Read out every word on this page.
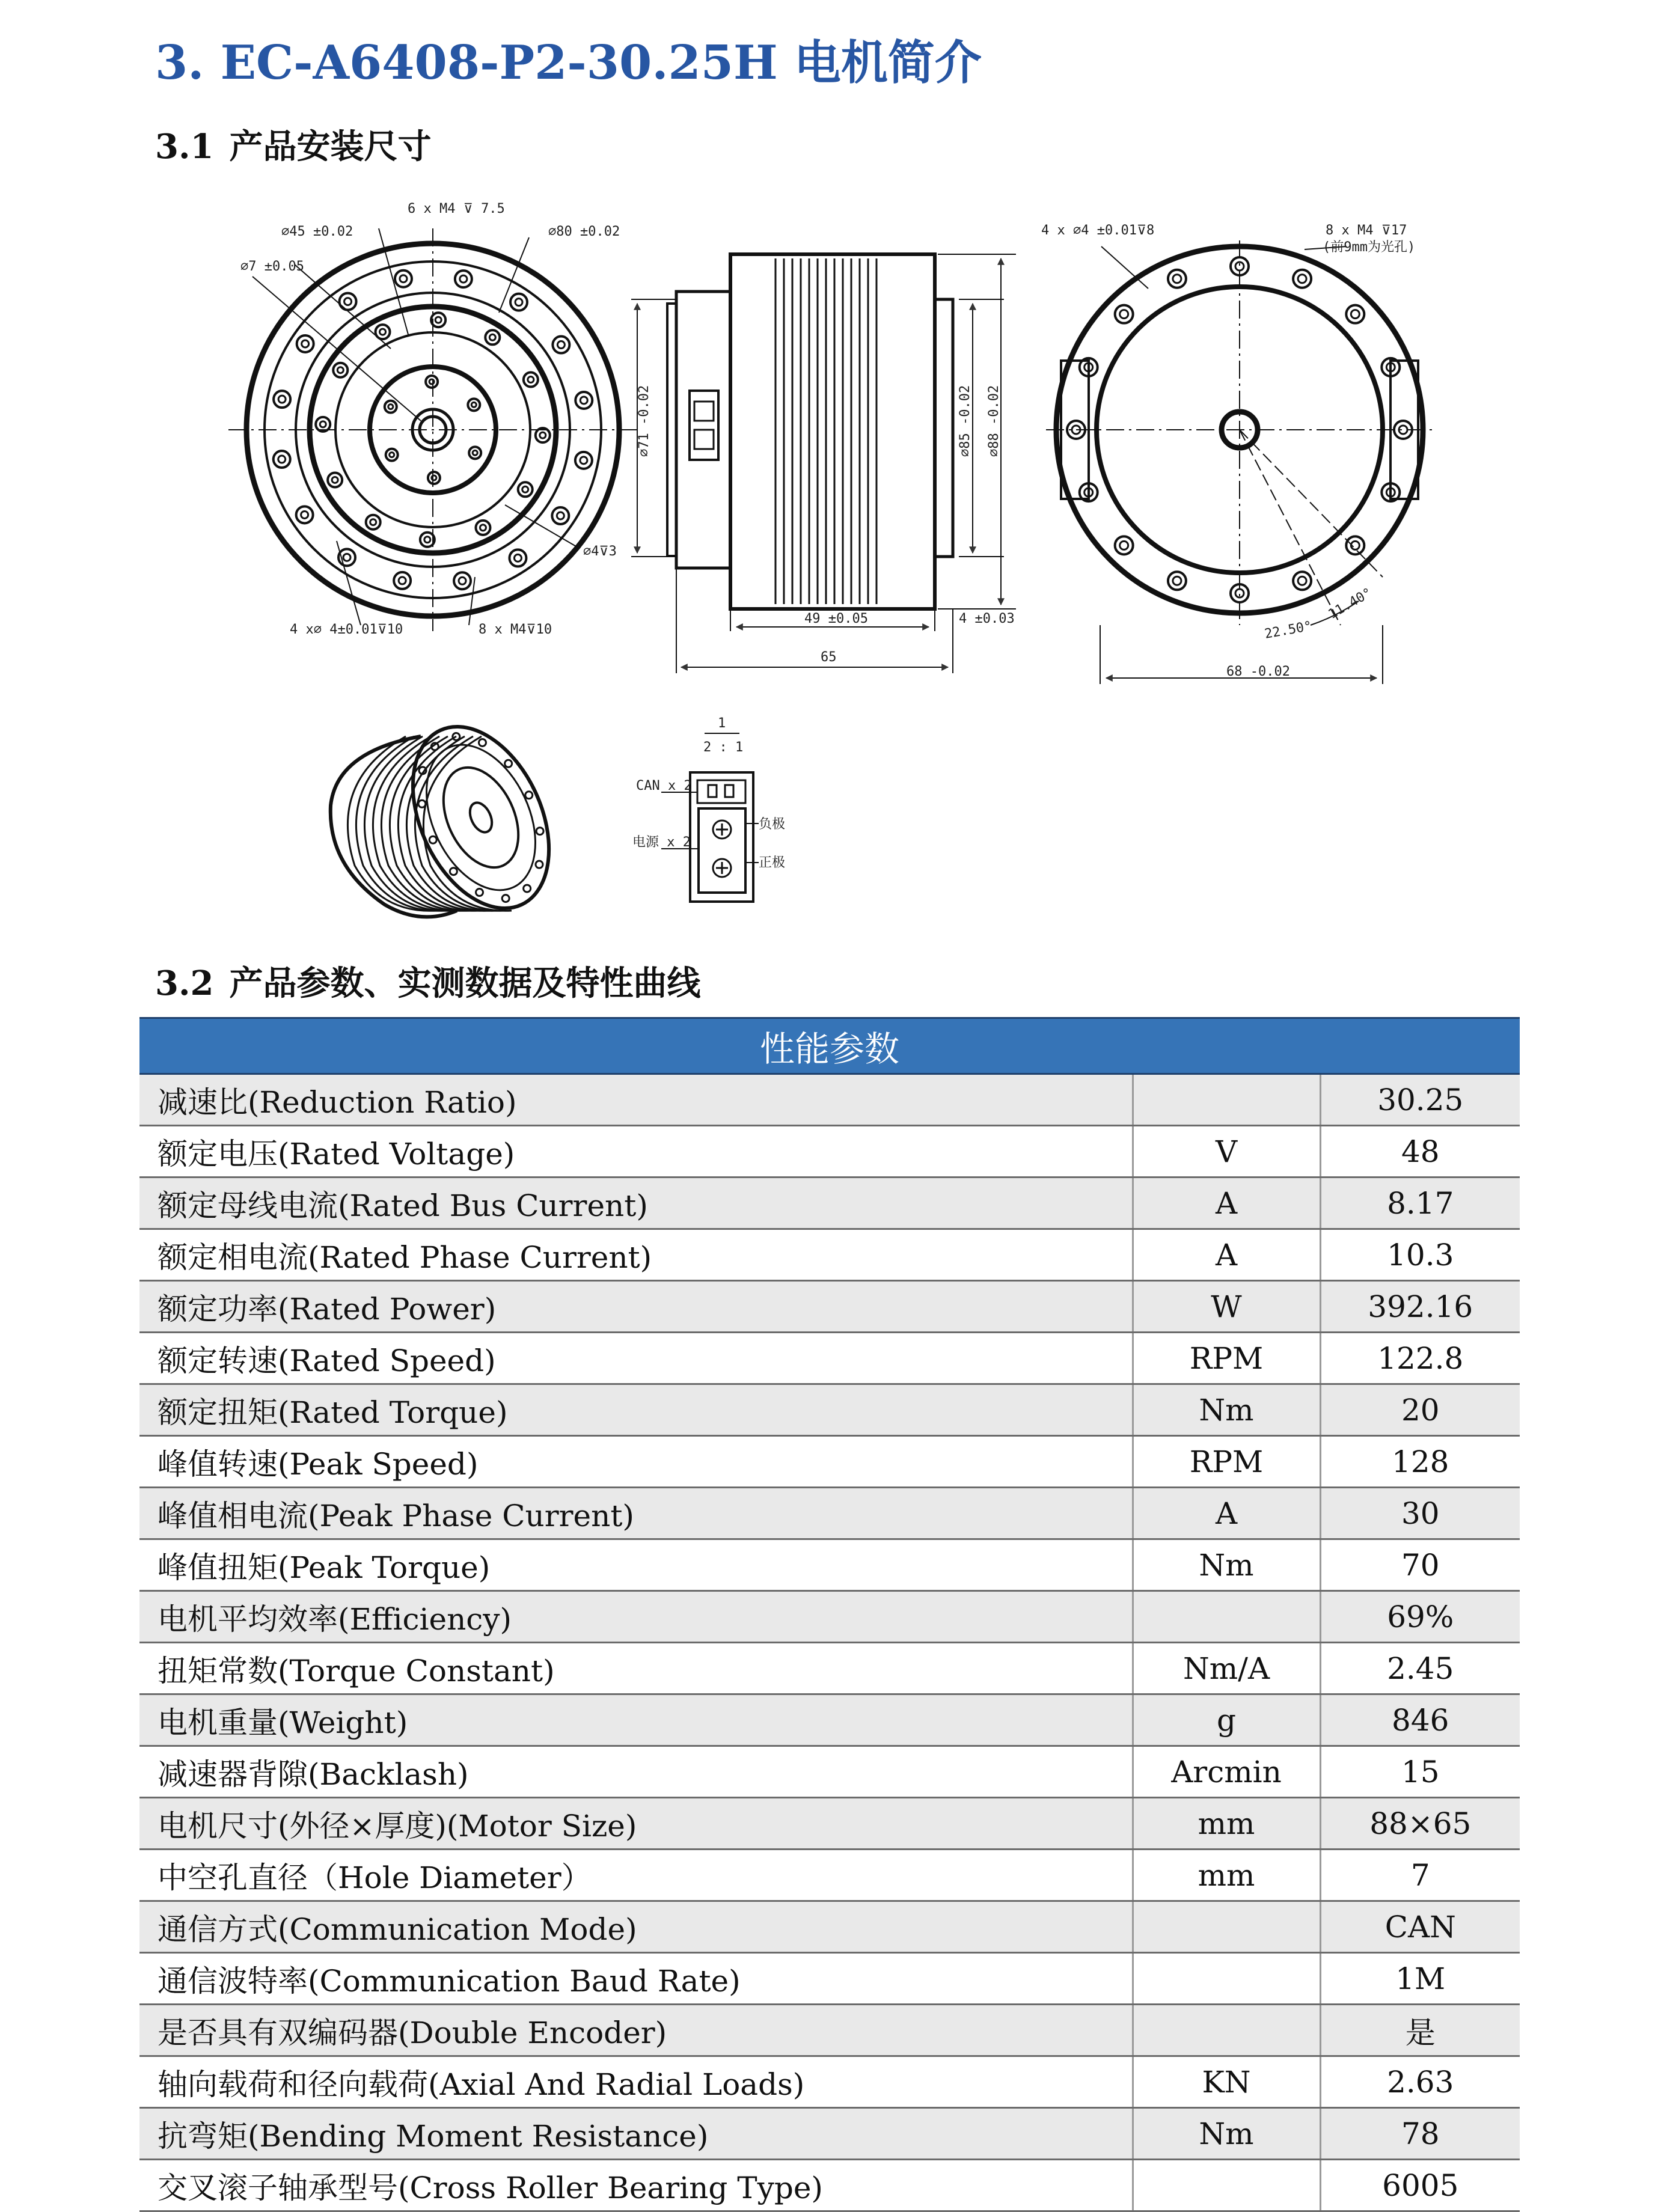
3. EC-A6408-P2-30.25H 电机简介
3.1 产品安装尺寸
6 x M4 ⊽ 7.5
⌀45 ±0.02	⌀80 ±0.02
⌀7 ±0.05
⌀4⊽3
4 x⌀ 4±0.01⊽10	8 x M4⊽10
49 ±0.05	4 ±0.03
65
⌀71 -0.02	⌀85 -0.02 ⌀88 -0.02
4 x ⌀4 ±0.01⊽8	8 x M4 ⊽17
(前9mm为光孔)
22.50°
11.40°
68 -0.02
1
2 : 1
CAN x 2
电源 x 2
负极
正极
3.2 产品参数、实测数据及特性曲线
性能参数		
减速比(Reduction Ratio)		30.25
额定电压(Rated Voltage)	V	48
额定母线电流(Rated Bus Current)	A	8.17
额定相电流(Rated Phase Current)	A	10.3
额定功率(Rated Power)	W	392.16
额定转速(Rated Speed)	RPM	122.8
额定扭矩(Rated Torque)	Nm	20
峰值转速(Peak Speed)	RPM	128
峰值相电流(Peak Phase Current)	A	30
峰值扭矩(Peak Torque)	Nm	70
电机平均效率(Efficiency)		69%
扭矩常数(Torque Constant)	Nm/A	2.45
电机重量(Weight)	g	846
减速器背隙(Backlash)	Arcmin	15
电机尺寸(外径×厚度)(Motor Size)	mm	88×65
中空孔直径（Hole Diameter）	mm	7
通信方式(Communication Mode)		CAN
通信波特率(Communication Baud Rate)		1M
是否具有双编码器(Double Encoder)		是
轴向载荷和径向载荷(Axial And Radial Loads)	KN	2.63
抗弯矩(Bending Moment Resistance)	Nm	78
交叉滚子轴承型号(Cross Roller Bearing Type)		6005
